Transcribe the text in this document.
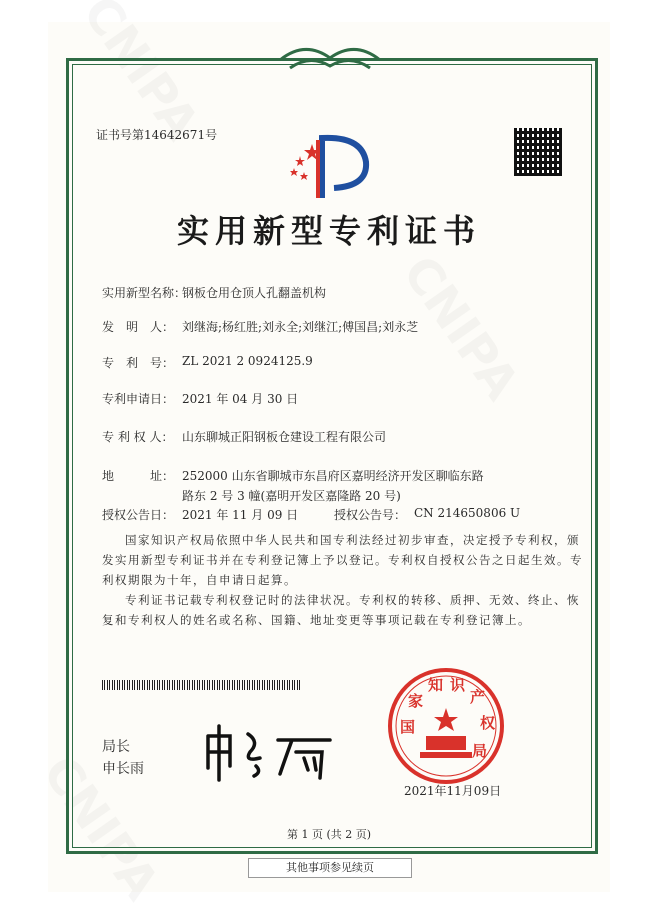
证书号第14642671号
实用新型专利证书
实用新型名称：钢板仓用仓顶人孔翻盖机构
发　明　人： 刘继海;杨红胜;刘永全;刘继江;傅国昌;刘永芝
专　利　号： ZL 2021 2 0924125.9
专利申请日： 2021 年 04 月 30 日
专 利 权 人： 山东聊城正阳钢板仓建设工程有限公司
地　　　址： 252000 山东省聊城市东昌府区嘉明经济开发区聊临东路
路东 2 号 3 幢(嘉明开发区嘉隆路 20 号)
授权公告日： 2021 年 11 月 09 日	授权公告号： CN 214650806 U
国家知识产权局依照中华人民共和国专利法经过初步审查，决定授予专利权，颁发实用新型专利证书并在专利登记簿上予以登记。专利权自授权公告之日起生效。专利权期限为十年，自申请日起算。
专利证书记载专利权登记时的法律状况。专利权的转移、质押、无效、终止、恢复和专利权人的姓名或名称、国籍、地址变更等事项记载在专利登记簿上。
局长
申长雨
国
家
知 识
产
权
局
2021年11月09日
第 1 页 (共 2 页)
其他事项参见续页
